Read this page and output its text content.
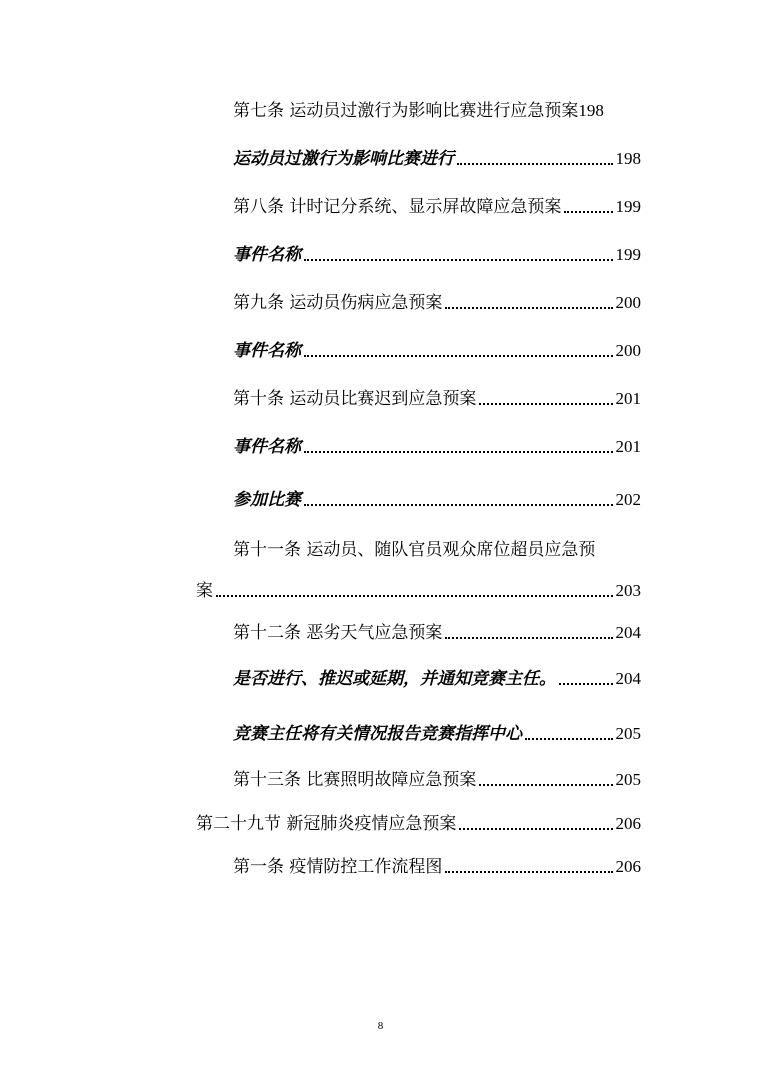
第七条 运动员过激行为影响比赛进行应急预案 198
运动员过激行为影响比赛进行	198
第八条 计时记分系统、显示屏故障应急预案	199
事件名称	199
第九条 运动员伤病应急预案	200
事件名称	200
第十条 运动员比赛迟到应急预案	201
事件名称	201
参加比赛	202
第十一条 运动员、随队官员观众席位超员应急预
案	203
第十二条 恶劣天气应急预案	204
是否进行、推迟或延期，并通知竞赛主任。	204
竞赛主任将有关情况报告竞赛指挥中心	205
第十三条 比赛照明故障应急预案	205
第二十九节 新冠肺炎疫情应急预案	206
第一条 疫情防控工作流程图	206
8
